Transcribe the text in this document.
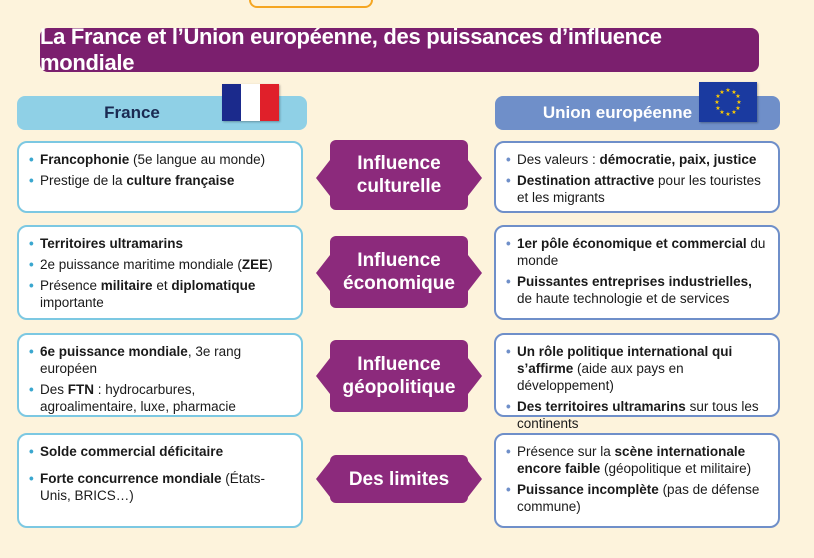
La France et l’Union européenne, des puissances d’influence mondiale
France	Union européenne
★ ★
★
★
★
★
★
★
★
★
★
★
• Francophonie (5e langue au monde)
• Prestige de la culture française
Influence
culturelle
• Des valeurs : démocratie, paix, justice
• Destination attractive pour les touristes et les migrants
• Territoires ultramarins
• 2e puissance maritime mondiale (ZEE)
• Présence militaire et diplomatique importante
Influence
économique
• 1er pôle économique et commercial du monde
• Puissantes entreprises industrielles, de haute technologie et de services
• 6e puissance mondiale, 3e rang européen
• Des FTN : hydrocarbures, agroalimentaire, luxe, pharmacie
Influence
géopolitique
• Un rôle politique international qui s’affirme (aide aux pays en développement)
• Des territoires ultramarins sur tous les continents
• Solde commercial déficitaire
• Forte concurrence mondiale (États-Unis, BRICS…)
Des limites
• Présence sur la scène internationale encore faible (géopolitique et militaire)
• Puissance incomplète (pas de défense commune)
